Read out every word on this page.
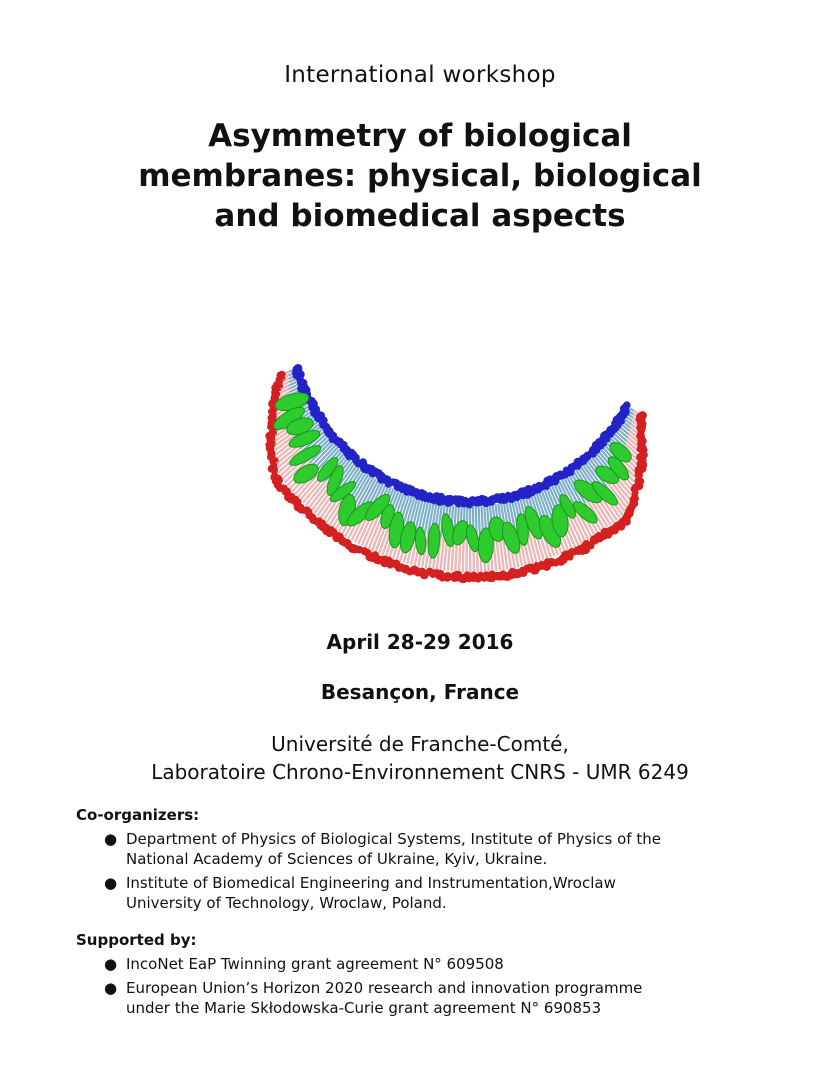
International workshop
Asymmetry of biological
membranes: physical, biological
and biomedical aspects
April 28-29 2016
Besançon, France
Université de Franche-Comté,
Laboratoire Chrono-Environnement CNRS - UMR 6249
Co-organizers:
● Department of Physics of Biological Systems, Institute of Physics of the
National Academy of Sciences of Ukraine, Kyiv, Ukraine.
● Institute of Biomedical Engineering and Instrumentation,Wroclaw
University of Technology, Wroclaw, Poland.
Supported by:
● IncoNet EaP Twinning grant agreement N° 609508
● European Union’s Horizon 2020 research and innovation programme
under the Marie Skłodowska-Curie grant agreement N° 690853
